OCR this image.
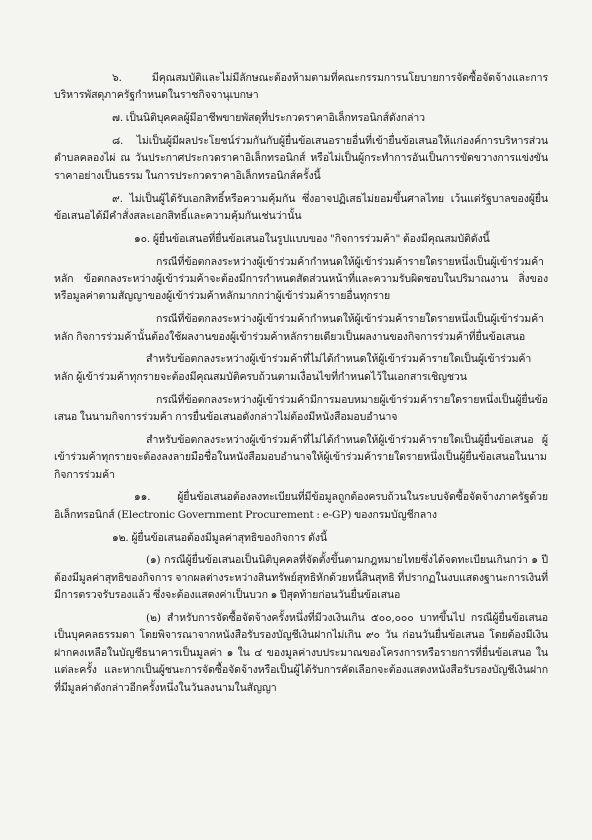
๖. มีคุณสมบัติและไม่มีลักษณะต้องห้ามตามที่คณะกรรมการนโยบายการจัดซื้อจัดจ้างและการบริหารพัสดุภาครัฐกำหนดในราชกิจจานุเบกษา

๗. เป็นนิติบุคคลผู้มีอาชีพขายพัสดุที่ประกวดราคาอิเล็กทรอนิกส์ดังกล่าว

๘. ไม่เป็นผู้มีผลประโยชน์ร่วมกันกับผู้ยื่นข้อเสนอรายอื่นที่เข้ายื่นข้อเสนอให้แก่องค์การบริหารส่วนตำบลคลองไผ่ ณ วันประกาศประกวดราคาอิเล็กทรอนิกส์ หรือไม่เป็นผู้กระทำการอันเป็นการขัดขวางการแข่งขันราคาอย่างเป็นธรรม ในการประกวดราคาอิเล็กทรอนิกส์ครั้งนี้

๙. ไม่เป็นผู้ได้รับเอกสิทธิ์หรือความคุ้มกัน ซึ่งอาจปฏิเสธไม่ยอมขึ้นศาลไทย เว้นแต่รัฐบาลของผู้ยื่นข้อเสนอได้มีคำสั่งสละเอกสิทธิ์และความคุ้มกันเช่นว่านั้น

๑๐. ผู้ยื่นข้อเสนอที่ยื่นข้อเสนอในรูปแบบของ "กิจการร่วมค้า" ต้องมีคุณสมบัติดังนี้

กรณีที่ข้อตกลงระหว่างผู้เข้าร่วมค้ากำหนดให้ผู้เข้าร่วมค้ารายใดรายหนึ่งเป็นผู้เข้าร่วมค้าหลัก ข้อตกลงระหว่างผู้เข้าร่วมค้าจะต้องมีการกำหนดสัดส่วนหน้าที่และความรับผิดชอบในปริมาณงาน สิ่งของหรือมูลค่าตามสัญญาของผู้เข้าร่วมค้าหลักมากกว่าผู้เข้าร่วมค้ารายอื่นทุกราย

กรณีที่ข้อตกลงระหว่างผู้เข้าร่วมค้ากำหนดให้ผู้เข้าร่วมค้ารายใดรายหนึ่งเป็นผู้เข้าร่วมค้าหลัก กิจการร่วมค้านั้นต้องใช้ผลงานของผู้เข้าร่วมค้าหลักรายเดียวเป็นผลงานของกิจการร่วมค้าที่ยื่นข้อเสนอ

สำหรับข้อตกลงระหว่างผู้เข้าร่วมค้าที่ไม่ได้กำหนดให้ผู้เข้าร่วมค้ารายใดเป็นผู้เข้าร่วมค้าหลัก ผู้เข้าร่วมค้าทุกรายจะต้องมีคุณสมบัติครบถ้วนตามเงื่อนไขที่กำหนดไว้ในเอกสารเชิญชวน

กรณีที่ข้อตกลงระหว่างผู้เข้าร่วมค้ามีการมอบหมายผู้เข้าร่วมค้ารายใดรายหนึ่งเป็นผู้ยื่นข้อเสนอ ในนามกิจการร่วมค้า การยื่นข้อเสนอดังกล่าวไม่ต้องมีหนังสือมอบอำนาจ

สำหรับข้อตกลงระหว่างผู้เข้าร่วมค้าที่ไม่ได้กำหนดให้ผู้เข้าร่วมค้ารายใดเป็นผู้ยื่นข้อเสนอ ผู้เข้าร่วมค้าทุกรายจะต้องลงลายมือชื่อในหนังสือมอบอำนาจให้ผู้เข้าร่วมค้ารายใดรายหนึ่งเป็นผู้ยื่นข้อเสนอในนามกิจการร่วมค้า

๑๑. ผู้ยื่นข้อเสนอต้องลงทะเบียนที่มีข้อมูลถูกต้องครบถ้วนในระบบจัดซื้อจัดจ้างภาครัฐด้วยอิเล็กทรอนิกส์ (Electronic Government Procurement : e-GP) ของกรมบัญชีกลาง

๑๒. ผู้ยื่นข้อเสนอต้องมีมูลค่าสุทธิของกิจการ ดังนี้

(๑) กรณีผู้ยื่นข้อเสนอเป็นนิติบุคคลที่จัดตั้งขึ้นตามกฎหมายไทยซึ่งได้จดทะเบียนเกินกว่า ๑ ปี ต้องมีมูลค่าสุทธิของกิจการ จากผลต่างระหว่างสินทรัพย์สุทธิหักด้วยหนี้สินสุทธิ ที่ปรากฏในงบแสดงฐานะการเงินที่มีการตรวจรับรองแล้ว ซึ่งจะต้องแสดงค่าเป็นบวก ๑ ปีสุดท้ายก่อนวันยื่นข้อเสนอ

(๒) สำหรับการจัดซื้อจัดจ้างครั้งหนึ่งที่มีวงเงินเกิน ๕๐๐,๐๐๐ บาทขึ้นไป กรณีผู้ยื่นข้อเสนอเป็นบุคคลธรรมดา โดยพิจารณาจากหนังสือรับรองบัญชีเงินฝากไม่เกิน ๙๐ วัน ก่อนวันยื่นข้อเสนอ โดยต้องมีเงินฝากคงเหลือในบัญชีธนาคารเป็นมูลค่า ๑ ใน ๔ ของมูลค่างบประมาณของโครงการหรือรายการที่ยื่นข้อเสนอ ในแต่ละครั้ง และหากเป็นผู้ชนะการจัดซื้อจัดจ้างหรือเป็นผู้ได้รับการคัดเลือกจะต้องแสดงหนังสือรับรองบัญชีเงินฝากที่มีมูลค่าดังกล่าวอีกครั้งหนึ่งในวันลงนามในสัญญา
